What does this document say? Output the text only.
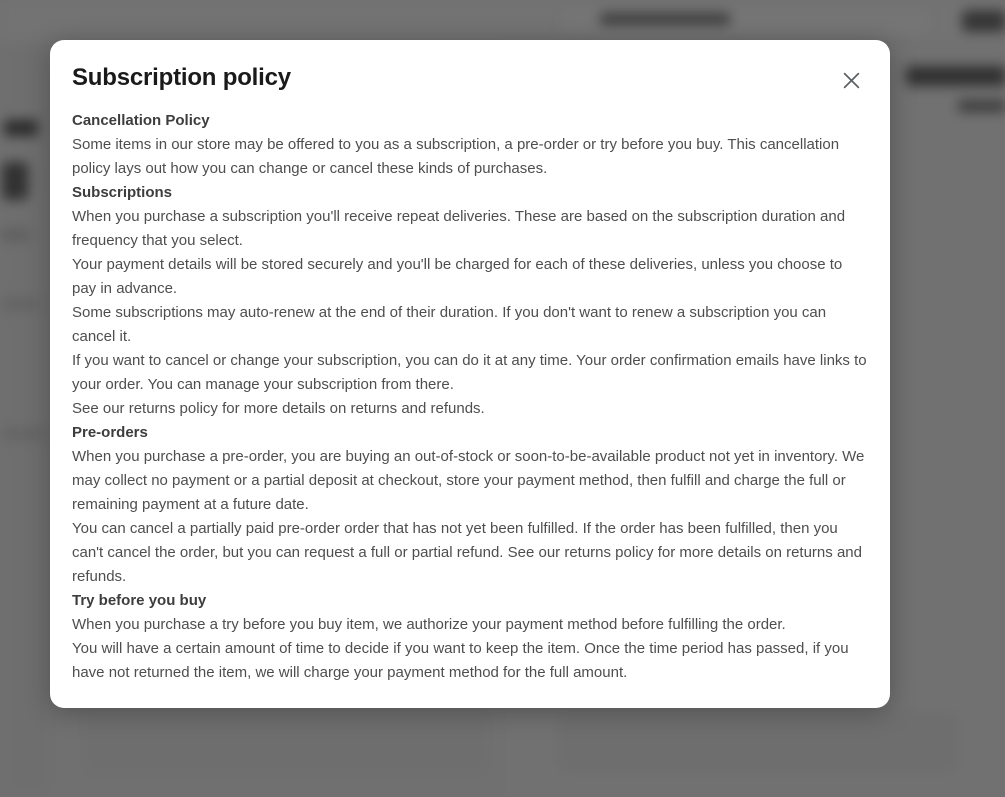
Subscription policy

Cancellation Policy

Some items in our store may be offered to you as a subscription, a pre-order or try before you buy. This cancellation policy lays out how you can change or cancel these kinds of purchases.

Subscriptions

When you purchase a subscription you'll receive repeat deliveries. These are based on the subscription duration and frequency that you select.

Your payment details will be stored securely and you'll be charged for each of these deliveries, unless you choose to pay in advance.

Some subscriptions may auto-renew at the end of their duration. If you don't want to renew a subscription you can cancel it.

If you want to cancel or change your subscription, you can do it at any time. Your order confirmation emails have links to your order. You can manage your subscription from there.

See our returns policy for more details on returns and refunds.

Pre-orders

When you purchase a pre-order, you are buying an out-of-stock or soon-to-be-available product not yet in inventory. We may collect no payment or a partial deposit at checkout, store your payment method, then fulfill and charge the full or remaining payment at a future date.

You can cancel a partially paid pre-order order that has not yet been fulfilled. If the order has been fulfilled, then you can't cancel the order, but you can request a full or partial refund. See our returns policy for more details on returns and refunds.

Try before you buy

When you purchase a try before you buy item, we authorize your payment method before fulfilling the order.

You will have a certain amount of time to decide if you want to keep the item. Once the time period has passed, if you have not returned the item, we will charge your payment method for the full amount.
